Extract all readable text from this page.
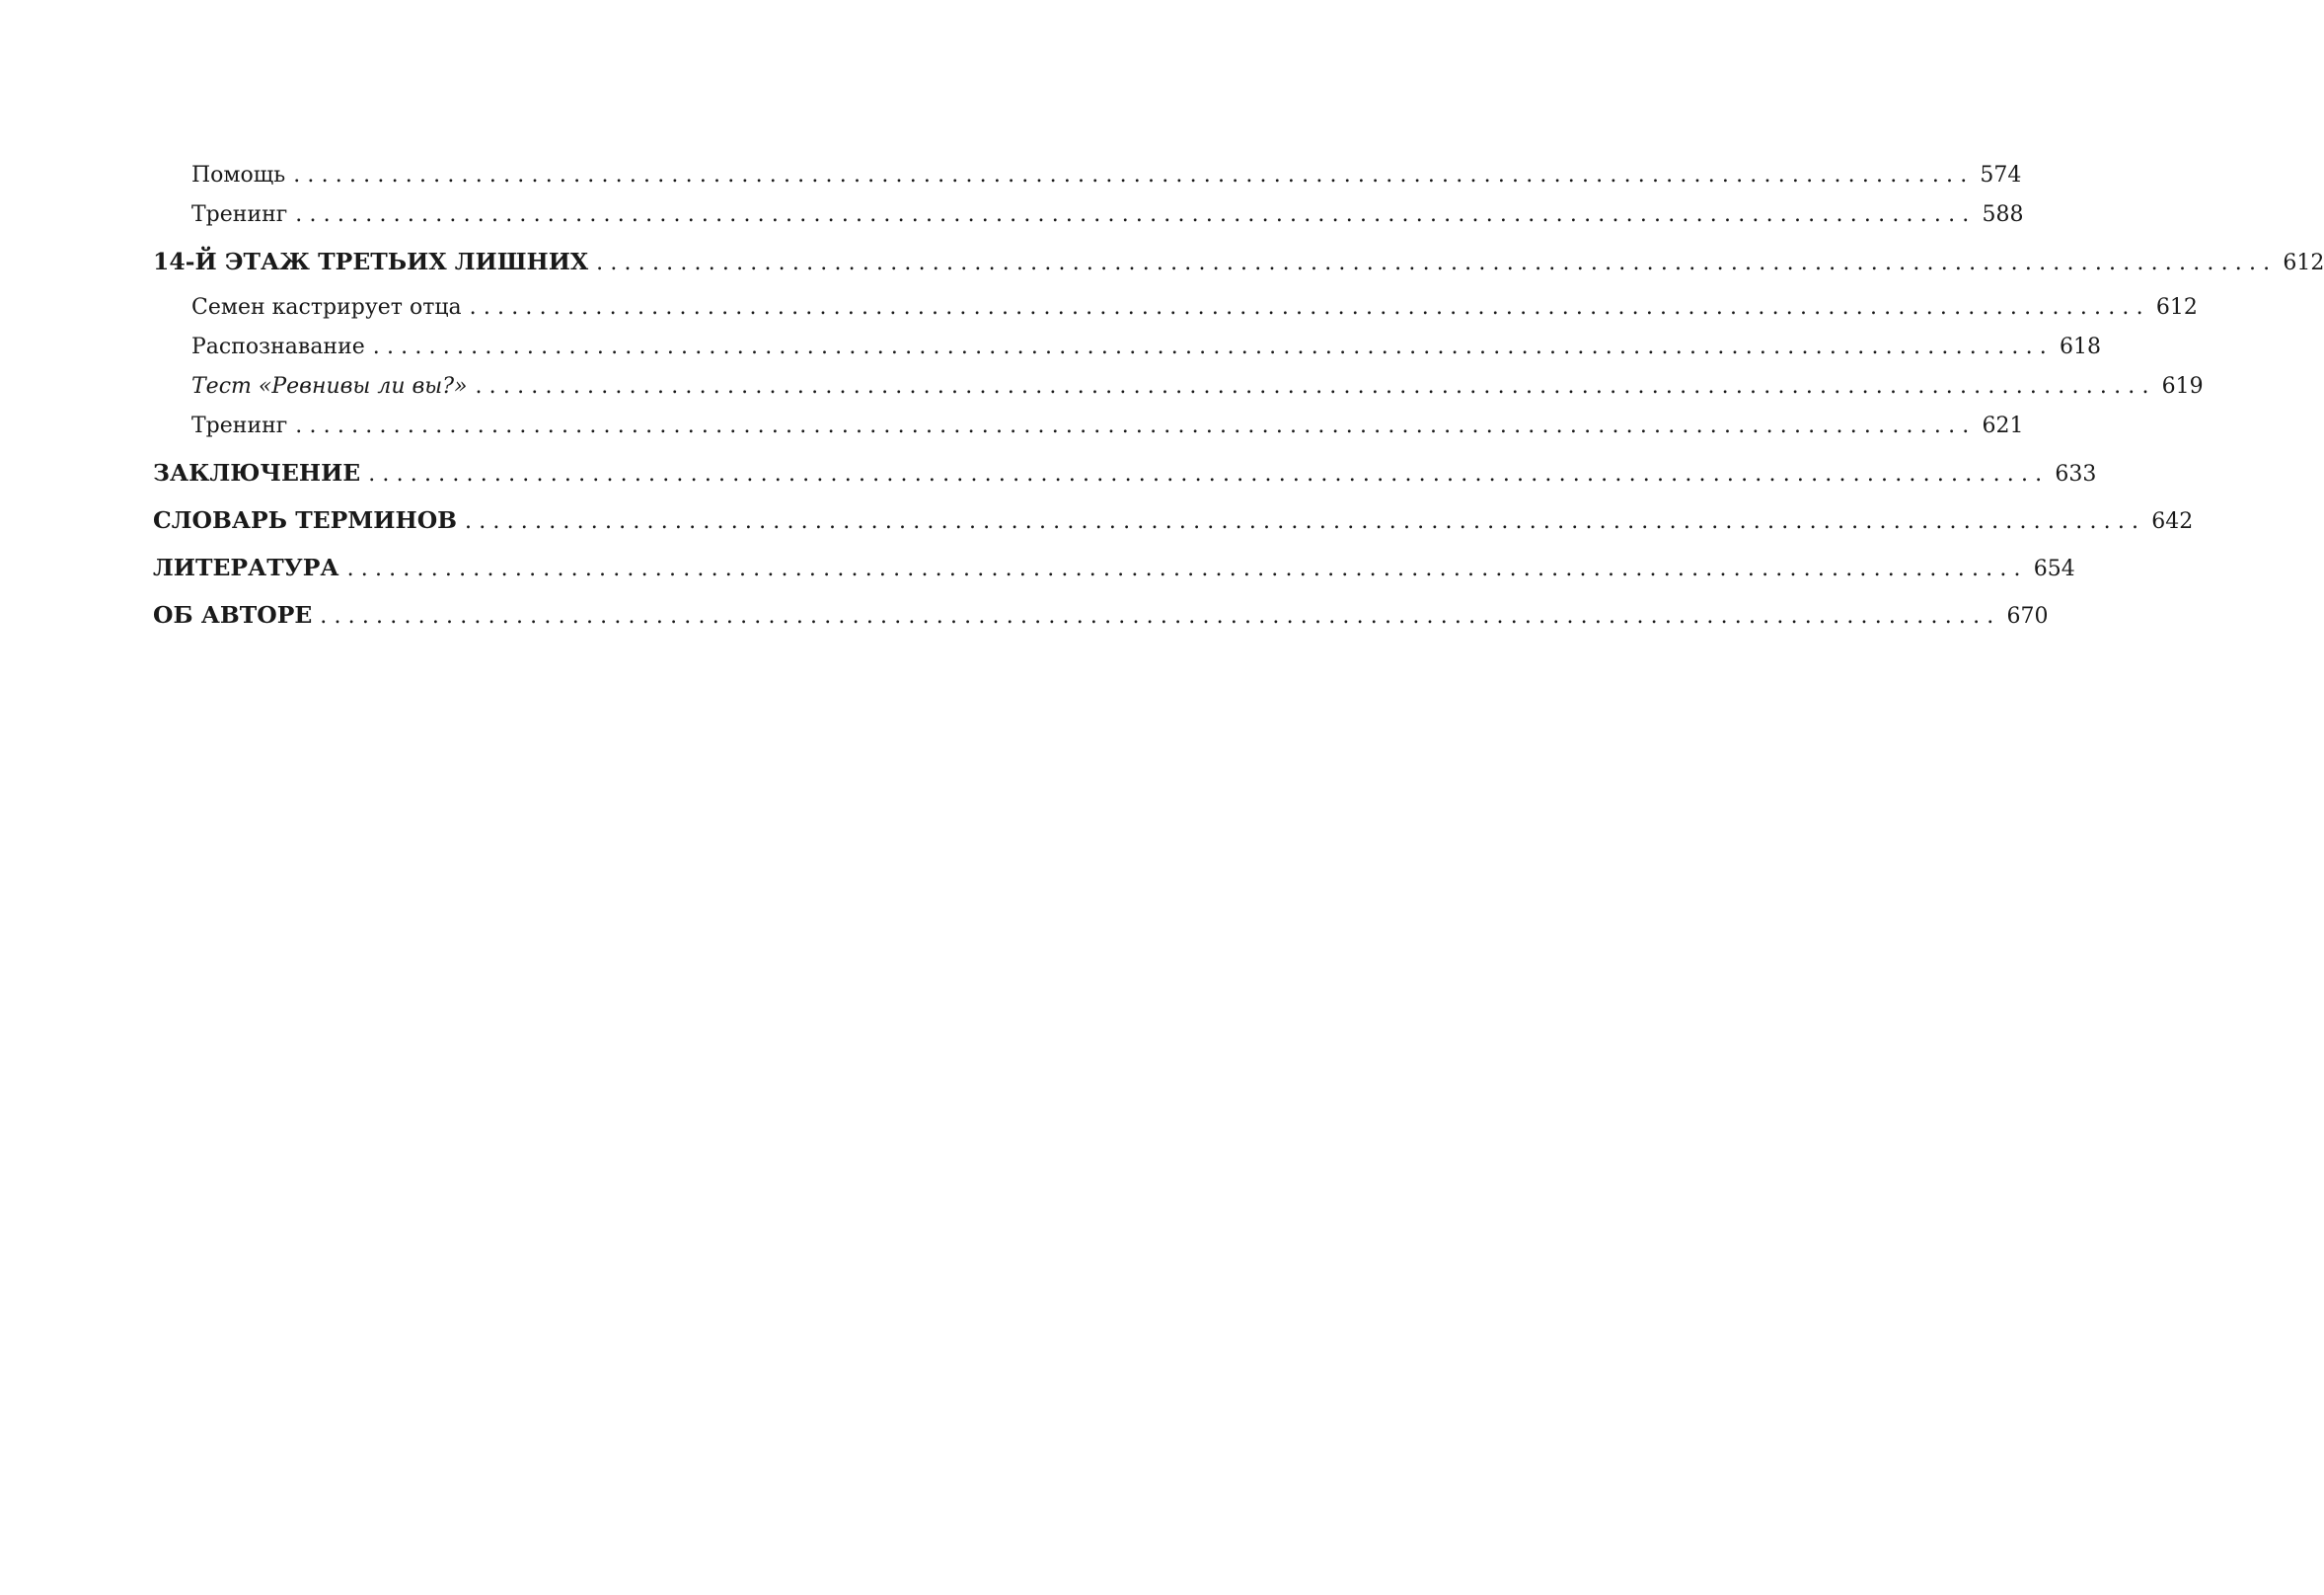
Помощь ........................................................................................................................ 574
Тренинг ........................................................................................................................ 588
14-Й ЭТАЖ ТРЕТЬИХ ЛИШНИХ ........................................................................................................................ 612
Семен кастрирует отца ........................................................................................................................ 612
Распознавание ........................................................................................................................ 618
Тест «Ревнивы ли вы?» ........................................................................................................................ 619
Тренинг ........................................................................................................................ 621
ЗАКЛЮЧЕНИЕ ........................................................................................................................ 633
СЛОВАРЬ ТЕРМИНОВ ........................................................................................................................ 642
ЛИТЕРАТУРА ........................................................................................................................ 654
ОБ АВТОРЕ ........................................................................................................................ 670
